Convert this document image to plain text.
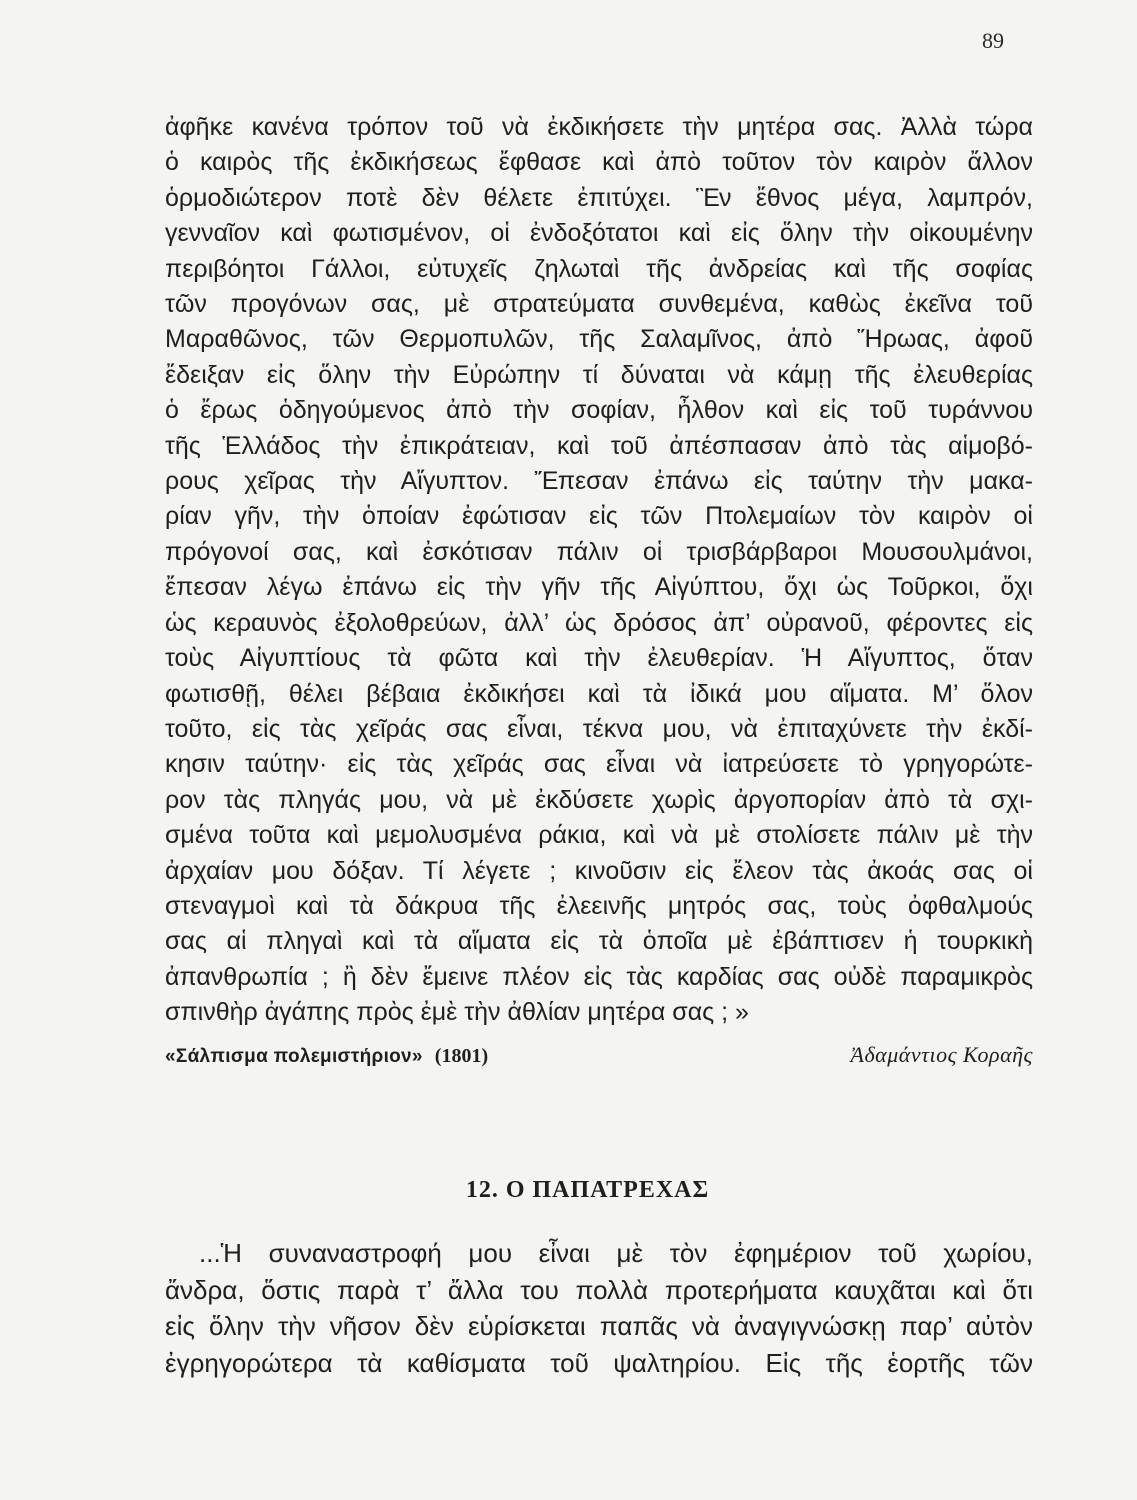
89
ἀφῆκε κανένα τρόπον τοῦ νὰ ἐκδικήσετε τὴν μητέρα σας. Ἀλλὰ τώρα
ὁ καιρὸς τῆς ἐκδικήσεως ἔφθασε καὶ ἀπὸ τοῦτον τὸν καιρὸν ἄλλον
ὁρμοδιώτερον ποτὲ δὲν θέλετε ἐπιτύχει. Ἓν ἔθνος μέγα, λαμπρόν,
γενναῖον καὶ φωτισμένον, οἱ ἐνδοξότατοι καὶ εἰς ὅλην τὴν οἰκουμένην
περιβόητοι Γάλλοι, εὐτυχεῖς ζηλωταὶ τῆς ἀνδρείας καὶ τῆς σοφίας
τῶν προγόνων σας, μὲ στρατεύματα συνθεμένα, καθὼς ἐκεῖνα τοῦ
Μαραθῶνος, τῶν Θερμοπυλῶν, τῆς Σαλαμῖνος, ἀπὸ Ἥρωας, ἀφοῦ
ἔδειξαν εἰς ὅλην τὴν Εὐρώπην τί δύναται νὰ κάμῃ τῆς ἐλευθερίας
ὁ ἔρως ὁδηγούμενος ἀπὸ τὴν σοφίαν, ἦλθον καὶ εἰς τοῦ τυράννου
τῆς Ἑλλάδος τὴν ἐπικράτειαν, καὶ τοῦ ἀπέσπασαν ἀπὸ τὰς αἱμοβό-
ρους χεῖρας τὴν Αἴγυπτον. Ἔπεσαν ἐπάνω εἰς ταύτην τὴν μακα-
ρίαν γῆν, τὴν ὁποίαν ἐφώτισαν εἰς τῶν Πτολεμαίων τὸν καιρὸν οἱ
πρόγονοί σας, καὶ ἐσκότισαν πάλιν οἱ τρισβάρβαροι Μουσουλμάνοι,
ἔπεσαν λέγω ἐπάνω εἰς τὴν γῆν τῆς Αἰγύπτου, ὄχι ὡς Τοῦρκοι, ὄχι
ὡς κεραυνὸς ἐξολοθρεύων, ἀλλ’ ὡς δρόσος ἀπ’ οὐρανοῦ, φέροντες εἰς
τοὺς Αἰγυπτίους τὰ φῶτα καὶ τὴν ἐλευθερίαν. Ἡ Αἴγυπτος, ὅταν
φωτισθῇ, θέλει βέβαια ἐκδικήσει καὶ τὰ ἰδικά μου αἵματα. Μ’ ὅλον
τοῦτο, εἰς τὰς χεῖράς σας εἶναι, τέκνα μου, νὰ ἐπιταχύνετε τὴν ἐκδί-
κησιν ταύτην· εἰς τὰς χεῖράς σας εἶναι νὰ ἰατρεύσετε τὸ γρηγορώτε-
ρον τὰς πληγάς μου, νὰ μὲ ἐκδύσετε χωρὶς ἀργοπορίαν ἀπὸ τὰ σχι-
σμένα τοῦτα καὶ μεμολυσμένα ράκια, καὶ νὰ μὲ στολίσετε πάλιν μὲ τὴν
ἀρχαίαν μου δόξαν. Τί λέγετε ; κινοῦσιν εἰς ἔλεον τὰς ἀκοάς σας οἱ
στεναγμοὶ καὶ τὰ δάκρυα τῆς ἐλεεινῆς μητρός σας, τοὺς ὀφθαλμούς
σας αἱ πληγαὶ καὶ τὰ αἵματα εἰς τὰ ὁποῖα μὲ ἐβάπτισεν ἡ τουρκικὴ
ἀπανθρωπία ; ἢ δὲν ἔμεινε πλέον εἰς τὰς καρδίας σας οὐδὲ παραμικρὸς
σπινθὴρ ἀγάπης πρὸς ἐμὲ τὴν ἀθλίαν μητέρα σας ; »
«Σάλπισμα πολεμιστήριον» (1801)	Ἀδαμάντιος Κοραῆς
12. Ο ΠΑΠΑΤΡΕΧΑΣ
...Ἡ συναναστροφή μου εἶναι μὲ τὸν ἐφημέριον τοῦ χωρίου,
ἄνδρα, ὅστις παρὰ τ’ ἄλλα του πολλὰ προτερήματα καυχᾶται καὶ ὅτι
εἰς ὅλην τὴν νῆσον δὲν εὑρίσκεται παπᾶς νὰ ἀναγιγνώσκῃ παρ’ αὐτὸν
ἐγρηγορώτερα τὰ καθίσματα τοῦ ψαλτηρίου. Εἰς τῆς ἑορτῆς τῶν
